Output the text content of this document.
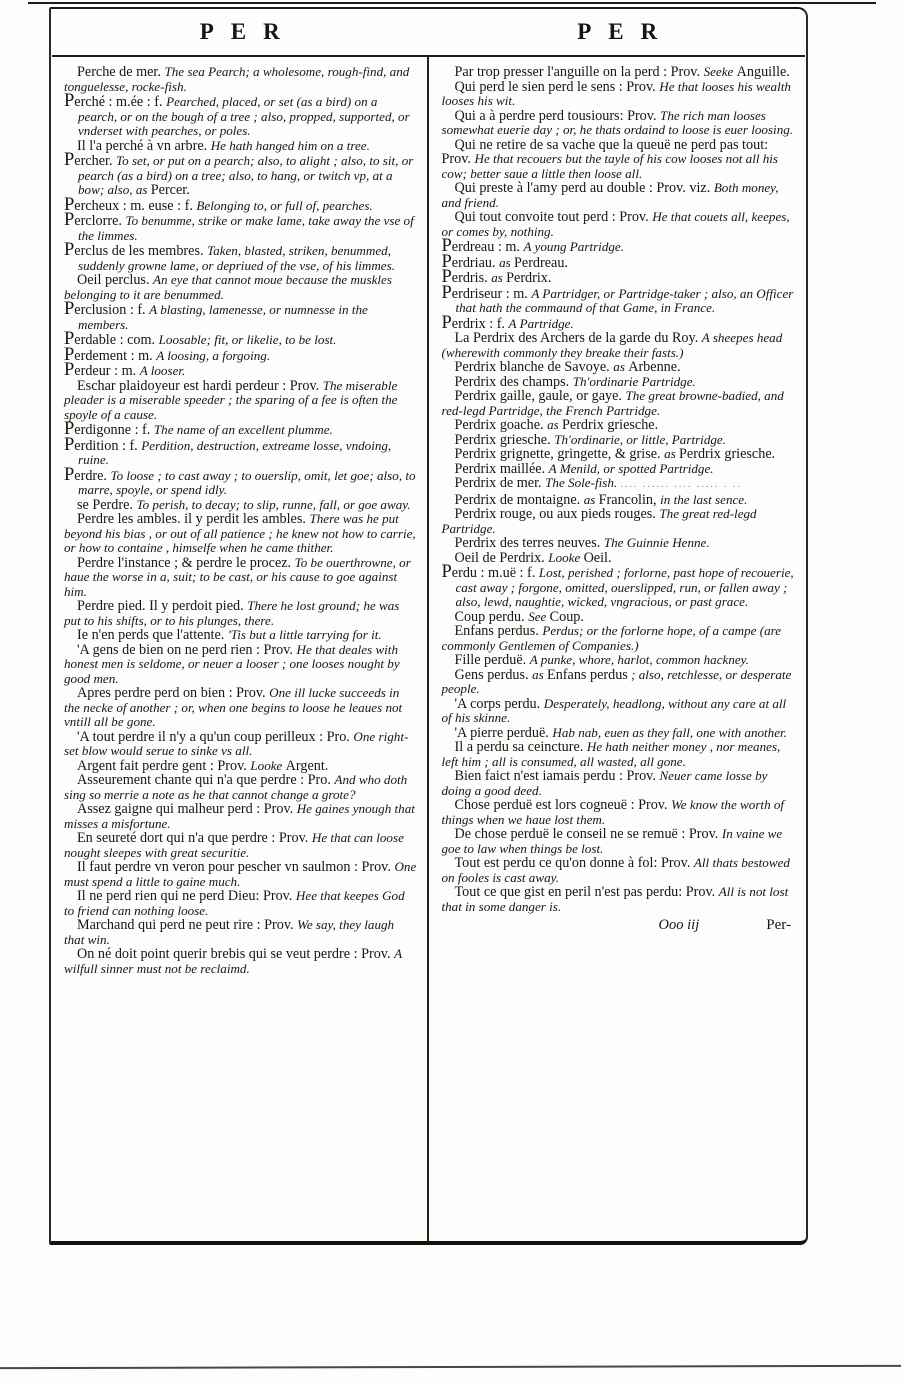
PER	PER

Perche de mer. The sea Pearch; a wholesome, rough-find, and tonguelesse, rocke-fish.

Perché : m.ée : f. Pearched, placed, or set (as a bird) on a pearch, or on the bough of a tree ; also, propped, supported, or vnderset with pearches, or poles.

Il l'a perché à vn arbre. He hath hanged him on a tree.

Percher. To set, or put on a pearch; also, to alight ; also, to sit, or pearch (as a bird) on a tree; also, to hang, or twitch vp, at a bow; also, as Percer.

Percheux : m. euse : f. Belonging to, or full of, pearches.

Perclorre. To benumme, strike or make lame, take away the vse of the limmes.

Perclus de les membres. Taken, blasted, striken, benummed, suddenly growne lame, or depriued of the vse, of his limmes.

Oeil perclus. An eye that cannot moue because the muskles belonging to it are benummed.

Perclusion : f. A blasting, lamenesse, or numnesse in the members.

Perdable : com. Loosable; fit, or likelie, to be lost.

Perdement : m. A loosing, a forgoing.

Perdeur : m. A looser.

Eschar plaidoyeur est hardi perdeur : Prov. The miserable pleader is a miserable speeder ; the sparing of a fee is often the spoyle of a cause.

Perdigonne : f. The name of an excellent plumme.

Perdition : f. Perdition, destruction, extreame losse, vndoing, ruine.

Perdre. To loose ; to cast away ; to ouerslip, omit, let goe; also, to marre, spoyle, or spend idly.

se Perdre. To perish, to decay; to slip, runne, fall, or goe away.

Perdre les ambles. il y perdit les ambles. There was he put beyond his bias , or out of all patience ; he knew not how to carrie, or how to containe , himselfe when he came thither.

Perdre l'instance ; & perdre le procez. To be ouerthrowne, or haue the worse in a, suit; to be cast, or his cause to goe against him.

Perdre pied. Il y perdoit pied. There he lost ground; he was put to his shifts, or to his plunges, there.

Ie n'en perds que l'attente. 'Tis but a little tarrying for it.

'A gens de bien on ne perd rien : Prov. He that deales with honest men is seldome, or neuer a looser ; one looses nought by good men.

Apres perdre perd on bien : Prov. One ill lucke succeeds in the necke of another ; or, when one begins to loose he leaues not vntill all be gone.

'A tout perdre il n'y a qu'un coup perilleux : Pro. One right-set blow would serue to sinke vs all.

Argent fait perdre gent : Prov. Looke Argent.

Asseurement chante qui n'a que perdre : Pro. And who doth sing so merrie a note as he that cannot change a grote?

Assez gaigne qui malheur perd : Prov. He gaines ynough that misses a misfortune.

En seureté dort qui n'a que perdre : Prov. He that can loose nought sleepes with great securitie.

Il faut perdre vn veron pour pescher vn saulmon : Prov. One must spend a little to gaine much.

Il ne perd rien qui ne perd Dieu: Prov. Hee that keepes God to friend can nothing loose.

Marchand qui perd ne peut rire : Prov. We say, they laugh that win.

On né doit point querir brebis qui se veut perdre : Prov. A wilfull sinner must not be reclaimd.

Par trop presser l'anguille on la perd : Prov. Seeke Anguille.

Qui perd le sien perd le sens : Prov. He that looses his wealth looses his wit.

Qui a à perdre perd tousiours: Prov. The rich man looses somewhat euerie day ; or, he thats ordaind to loose is euer loosing.

Qui ne retire de sa vache que la queuë ne perd pas tout: Prov. He that recouers but the tayle of his cow looses not all his cow; better saue a little then loose all.

Qui preste à l'amy perd au double : Prov. viz. Both money, and friend.

Qui tout convoite tout perd : Prov. He that couets all, keepes, or comes by, nothing.

Perdreau : m. A young Partridge.

Perdriau. as Perdreau.

Perdris. as Perdrix.

Perdriseur : m. A Partridger, or Partridge-taker ; also, an Officer that hath the commaund of that Game, in France.

Perdrix : f. A Partridge.

La Perdrix des Archers de la garde du Roy. A sheepes head (wherewith commonly they breake their fasts.)

Perdrix blanche de Savoye. as Arbenne.

Perdrix des champs. Th'ordinarie Partridge.

Perdrix gaille, gaule, or gaye. The great browne-badied, and red-legd Partridge, the French Partridge.

Perdrix goache. as Perdrix griesche.

Perdrix griesche. Th'ordinarie, or little, Partridge.

Perdrix grignette, gringette, & grise. as Perdrix griesche.

Perdrix maillée. A Menild, or spotted Partridge.

Perdrix de mer. The Sole-fish. .... ...... .... ..... . ..

Perdrix de montaigne. as Francolin, in the last sence.

Perdrix rouge, ou aux pieds rouges. The great red-legd Partridge.

Perdrix des terres neuves. The Guinnie Henne.

Oeil de Perdrix. Looke Oeil.

Perdu : m.uë : f. Lost, perished ; forlorne, past hope of recouerie, cast away ; forgone, omitted, ouerslipped, run, or fallen away ; also, lewd, naughtie, wicked, vngracious, or past grace.

Coup perdu. See Coup.

Enfans perdus. Perdus; or the forlorne hope, of a campe (are commonly Gentlemen of Companies.)

Fille perduë. A punke, whore, harlot, common hackney.

Gens perdus. as Enfans perdus ; also, retchlesse, or desperate people.

'A corps perdu. Desperately, headlong, without any care at all of his skinne.

'A pierre perduë. Hab nab, euen as they fall, one with another.

Il a perdu sa ceincture. He hath neither money , nor meanes, left him ; all is consumed, all wasted, all gone.

Bien faict n'est iamais perdu : Prov. Neuer came losse by doing a good deed.

Chose perduë est lors cogneuë : Prov. We know the worth of things when we haue lost them.

De chose perduë le conseil ne se remuë : Prov. In vaine we goe to law when things be lost.

Tout est perdu ce qu'on donne à fol: Prov. All thats bestowed on fooles is cast away.

Tout ce que gist en peril n'est pas perdu: Prov. All is not lost that in some danger is.

Ooo iij	Per-
